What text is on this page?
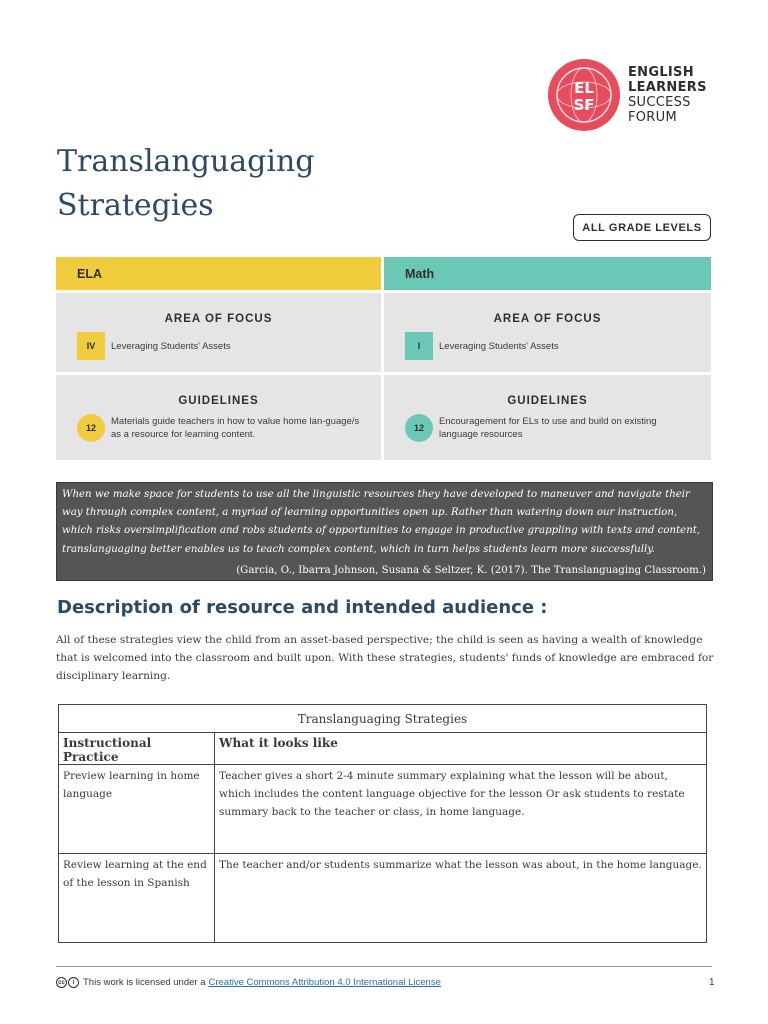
EL
SF
ENGLISH
LEARNERS
SUCCESS
FORUM
Translanguaging
Strategies
ALL GRADE LEVELS
ELA
AREA OF FOCUS
IV	Leveraging Students' Assets
GUIDELINES
12
Materials guide teachers in how to value home lan-guage/s as a resource for learning content.
Math
AREA OF FOCUS
I	Leveraging Students' Assets
GUIDELINES
12
Encouragement for ELs to use and build on existing language resources
When we make space for students to use all the linguistic resources they have developed to maneuver and navigate their way through complex content, a myriad of learning opportunities open up. Rather than watering down our instruction, which risks oversimplification and robs students of opportunities to engage in productive grappling with texts and content, translanguaging better enables us to teach complex content, which in turn helps students learn more successfully.
(Garcia, O., Ibarra Johnson, Susana & Seltzer, K. (2017). The Translanguaging Classroom.)
Description of resource and intended audience :

All of these strategies view the child from an asset-based perspective; the child is seen as having a wealth of knowledge that is welcomed into the classroom and built upon. With these strategies, students' funds of knowledge are embraced for disciplinary learning.

Translanguaging Strategies	
Instructional Practice	What it looks like
Preview learning in home language	Teacher gives a short 2-4 minute summary explaining what the lesson will be about, which includes the content language objective for the lesson Or ask students to restate summary back to the teacher or class, in home language.
Review learning at the end of the lesson in Spanish	The teacher and/or students summarize what the lesson was about, in the home language.
cc	i This work is licensed under a Creative Commons Attribution 4.0 International License	1
